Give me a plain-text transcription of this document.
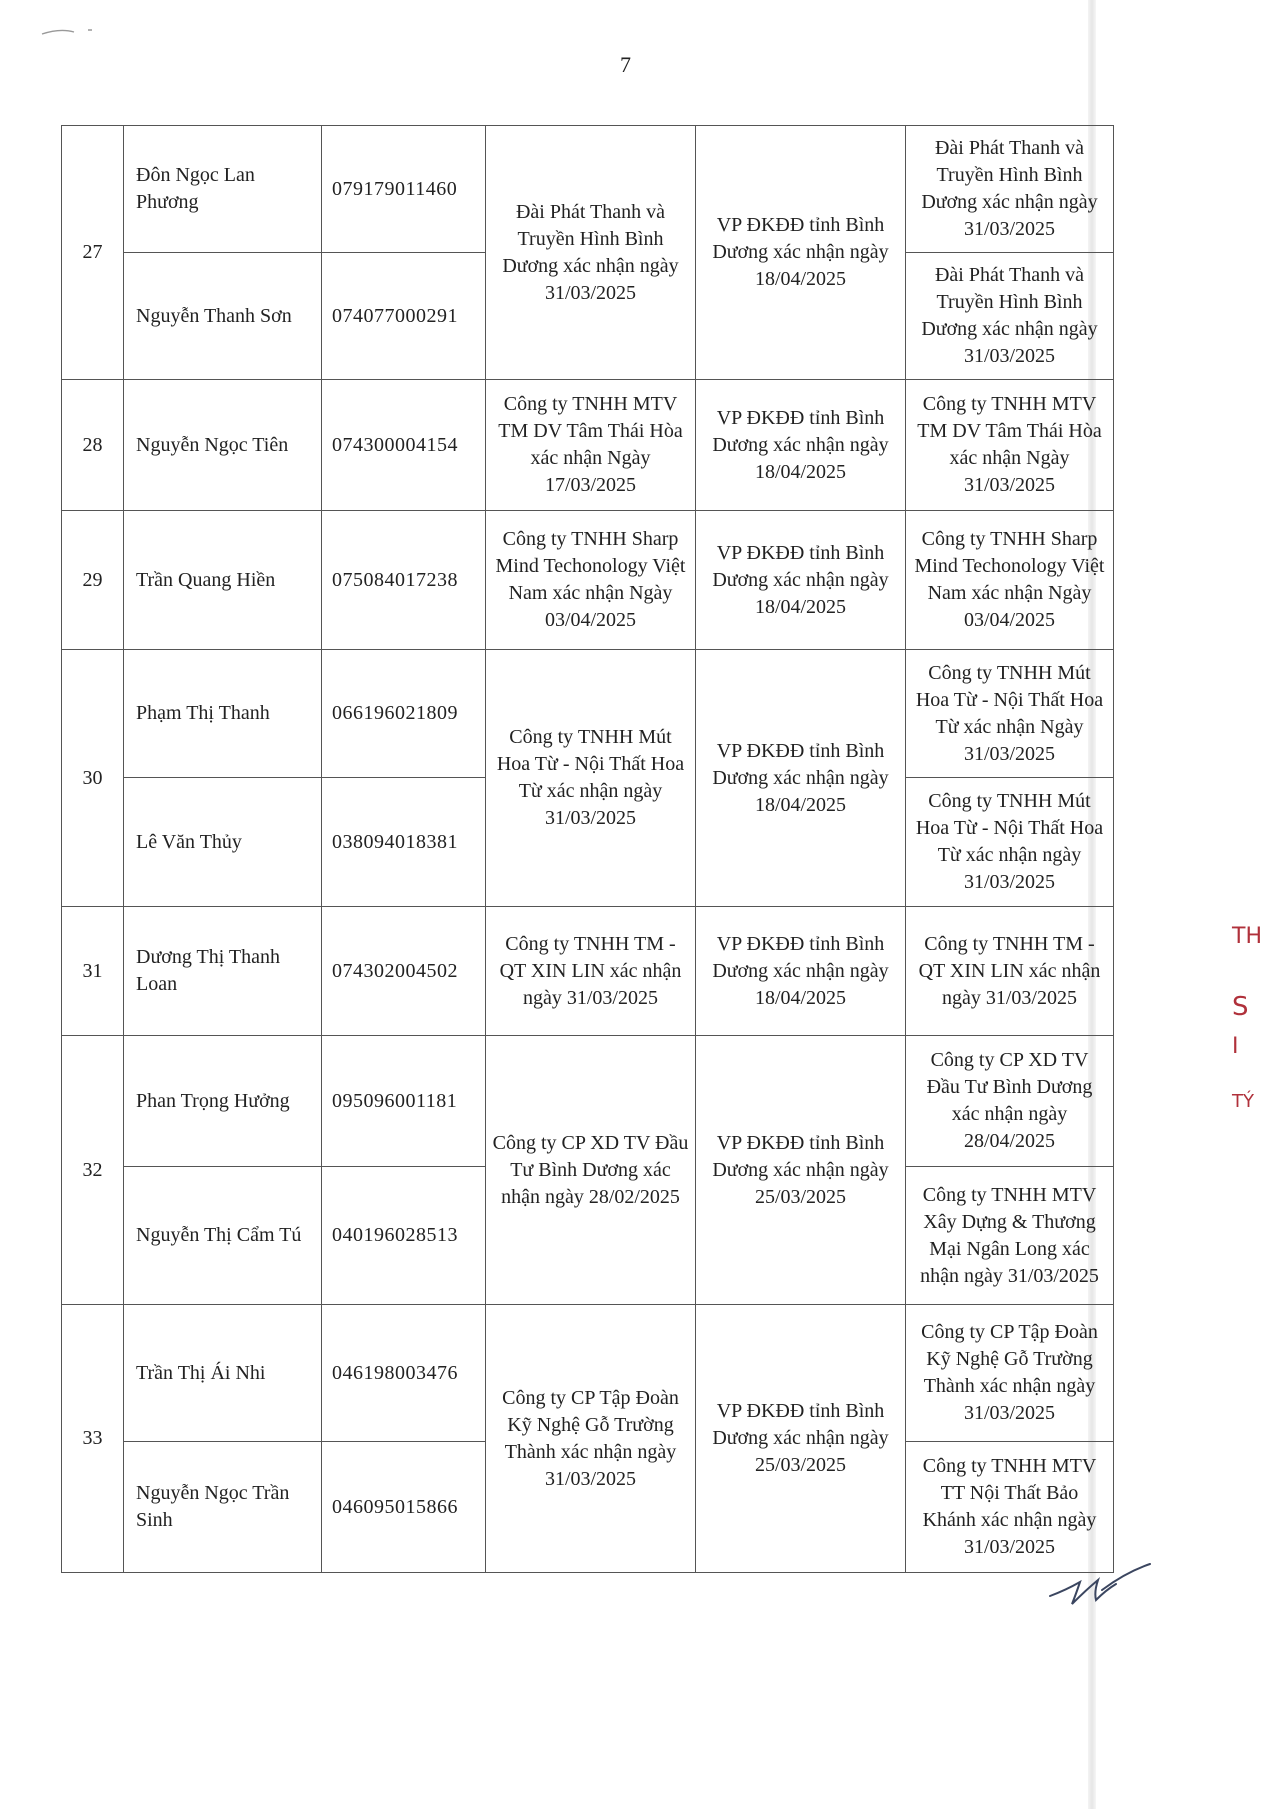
7
27	Đôn Ngọc Lan Phương	079179011460	Đài Phát Thanh và Truyền Hình Bình Dương xác nhận ngày 31/03/2025	VP ĐKĐĐ tỉnh Bình Dương xác nhận ngày 18/04/2025	Đài Phát Thanh và Truyền Hình Bình Dương xác nhận ngày 31/03/2025
	Nguyễn Thanh Sơn	074077000291			Đài Phát Thanh và Truyền Hình Bình Dương xác nhận ngày 31/03/2025
28	Nguyễn Ngọc Tiên	074300004154	Công ty TNHH MTV TM DV Tâm Thái Hòa xác nhận Ngày 17/03/2025	VP ĐKĐĐ tỉnh Bình Dương xác nhận ngày 18/04/2025	Công ty TNHH MTV TM DV Tâm Thái Hòa xác nhận Ngày 31/03/2025
29	Trần Quang Hiền	075084017238	Công ty TNHH Sharp Mind Techonology Việt Nam xác nhận Ngày 03/04/2025	VP ĐKĐĐ tỉnh Bình Dương xác nhận ngày 18/04/2025	Công ty TNHH Sharp Mind Techonology Việt Nam xác nhận Ngày 03/04/2025
30	Phạm Thị Thanh	066196021809	Công ty TNHH Mút Hoa Từ - Nội Thất Hoa Từ xác nhận ngày 31/03/2025	VP ĐKĐĐ tỉnh Bình Dương xác nhận ngày 18/04/2025	Công ty TNHH Mút Hoa Từ - Nội Thất Hoa Từ xác nhận Ngày 31/03/2025
	Lê Văn Thủy	038094018381			Công ty TNHH Mút Hoa Từ - Nội Thất Hoa Từ xác nhận ngày 31/03/2025
31	Dương Thị Thanh Loan	074302004502	Công ty TNHH TM - QT XIN LIN xác nhận ngày 31/03/2025	VP ĐKĐĐ tỉnh Bình Dương xác nhận ngày 18/04/2025	Công ty TNHH TM - QT XIN LIN xác nhận ngày 31/03/2025
32	Phan Trọng Hưởng	095096001181	Công ty CP XD TV Đầu Tư Bình Dương xác nhận ngày 28/02/2025	VP ĐKĐĐ tỉnh Bình Dương xác nhận ngày 25/03/2025	Công ty CP XD TV Đầu Tư Bình Dương xác nhận ngày 28/04/2025
	Nguyễn Thị Cẩm Tú	040196028513			Công ty TNHH MTV Xây Dựng & Thương Mại Ngân Long xác nhận ngày 31/03/2025
33	Trần Thị Ái Nhi	046198003476	Công ty CP Tập Đoàn Kỹ Nghệ Gỗ Trường Thành xác nhận ngày 31/03/2025	VP ĐKĐĐ tỉnh Bình Dương xác nhận ngày 25/03/2025	Công ty CP Tập Đoàn Kỹ Nghệ Gỗ Trường Thành xác nhận ngày 31/03/2025
	Nguyễn Ngọc Trần Sinh	046095015866			Công ty TNHH MTV TT Nội Thất Bảo Khánh xác nhận ngày 31/03/2025
TH
S
I
TÝ
